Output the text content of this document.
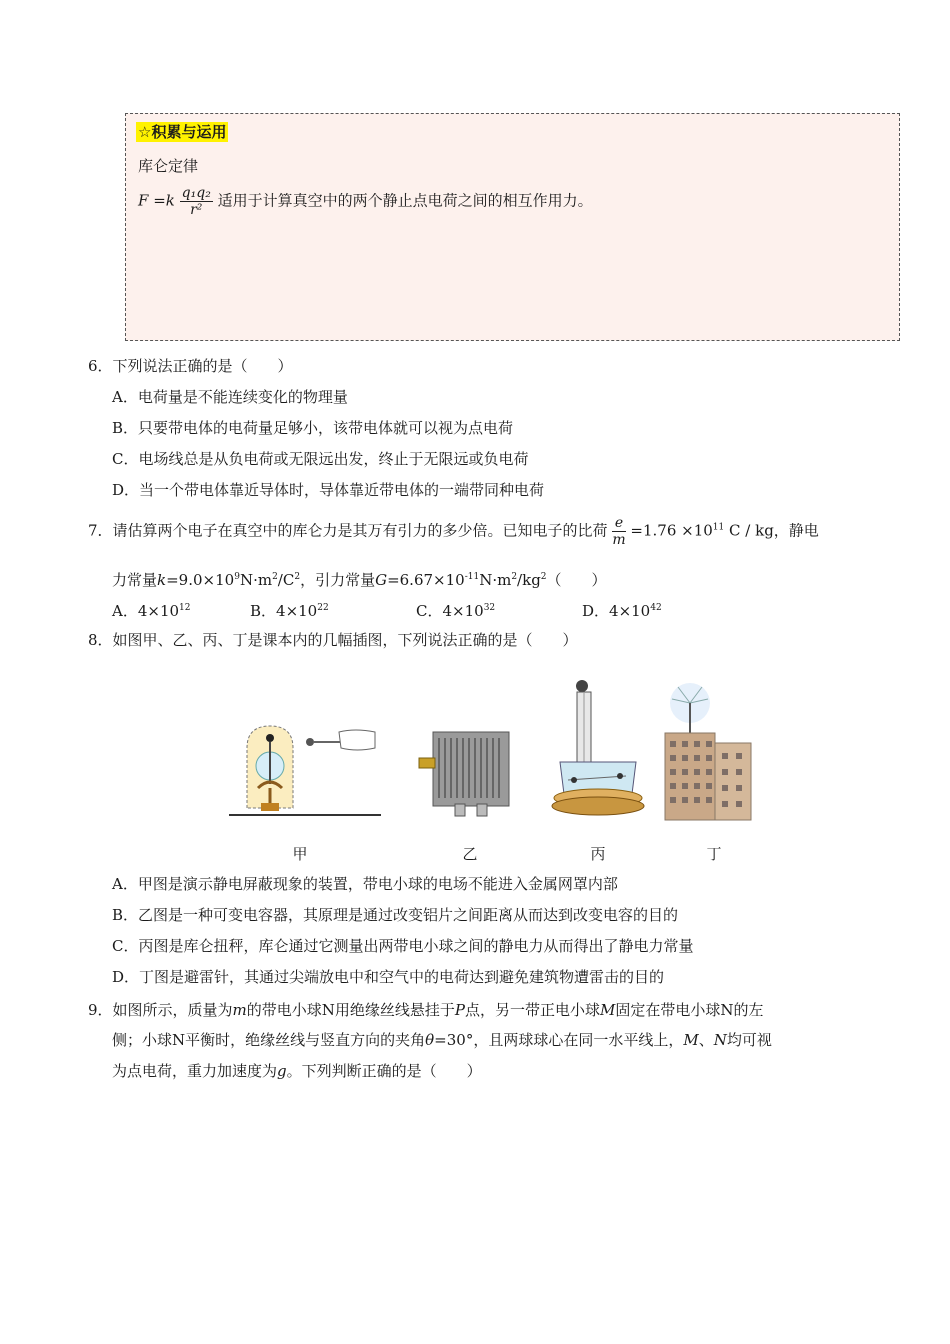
☆积累与运用
库仑定律
$F =k \frac{\text{q₁q₂}}{\text{r²}}$ 适用于计算真空中的两个静止点电荷之间的相互作用力。
6．下列说法正确的是（　　）
A．电荷量是不能连续变化的物理量
B．只要带电体的电荷量足够小，该带电体就可以视为点电荷
C．电场线总是从负电荷或无限远出发，终止于无限远或负电荷
D．当一个带电体靠近导体时，导体靠近带电体的一端带同种电荷
7．请估算两个电子在真空中的库仑力是其万有引力的多少倍。已知电子的比荷 $\frac{e}{m} =1.76 \times 10^{11}$ C / kg，静电
力常量$k=9.0\times 10^9N\cdot m^2/C^2$，引力常量$G=6.67\times 10^{-11}N\cdot m^2/kg^2$（　　）
A．$4\times 10^{12}$	B．$4\times 10^{22}$	C．$4\times 10^{32}$	D．$4\times 10^{42}$
8．如图甲、乙、丙、丁是课本内的几幅插图，下列说法正确的是（　　）
甲	乙	丙	丁
A．甲图是演示静电屏蔽现象的装置，带电小球的电场不能进入金属网罩内部
B．乙图是一种可变电容器，其原理是通过改变铝片之间距离从而达到改变电容的目的
C．丙图是库仑扭秤，库仑通过它测量出两带电小球之间的静电力从而得出了静电力常量
D．丁图是避雷针，其通过尖端放电中和空气中的电荷达到避免建筑物遭雷击的目的
9．如图所示，质量为m的带电小球N用绝缘丝线悬挂于P点，另一带正电小球M固定在带电小球N的左
侧；小球N平衡时，绝缘丝线与竖直方向的夹角θ=30°，且两球球心在同一水平线上，M、N均可视
为点电荷，重力加速度为g。下列判断正确的是（　　）
